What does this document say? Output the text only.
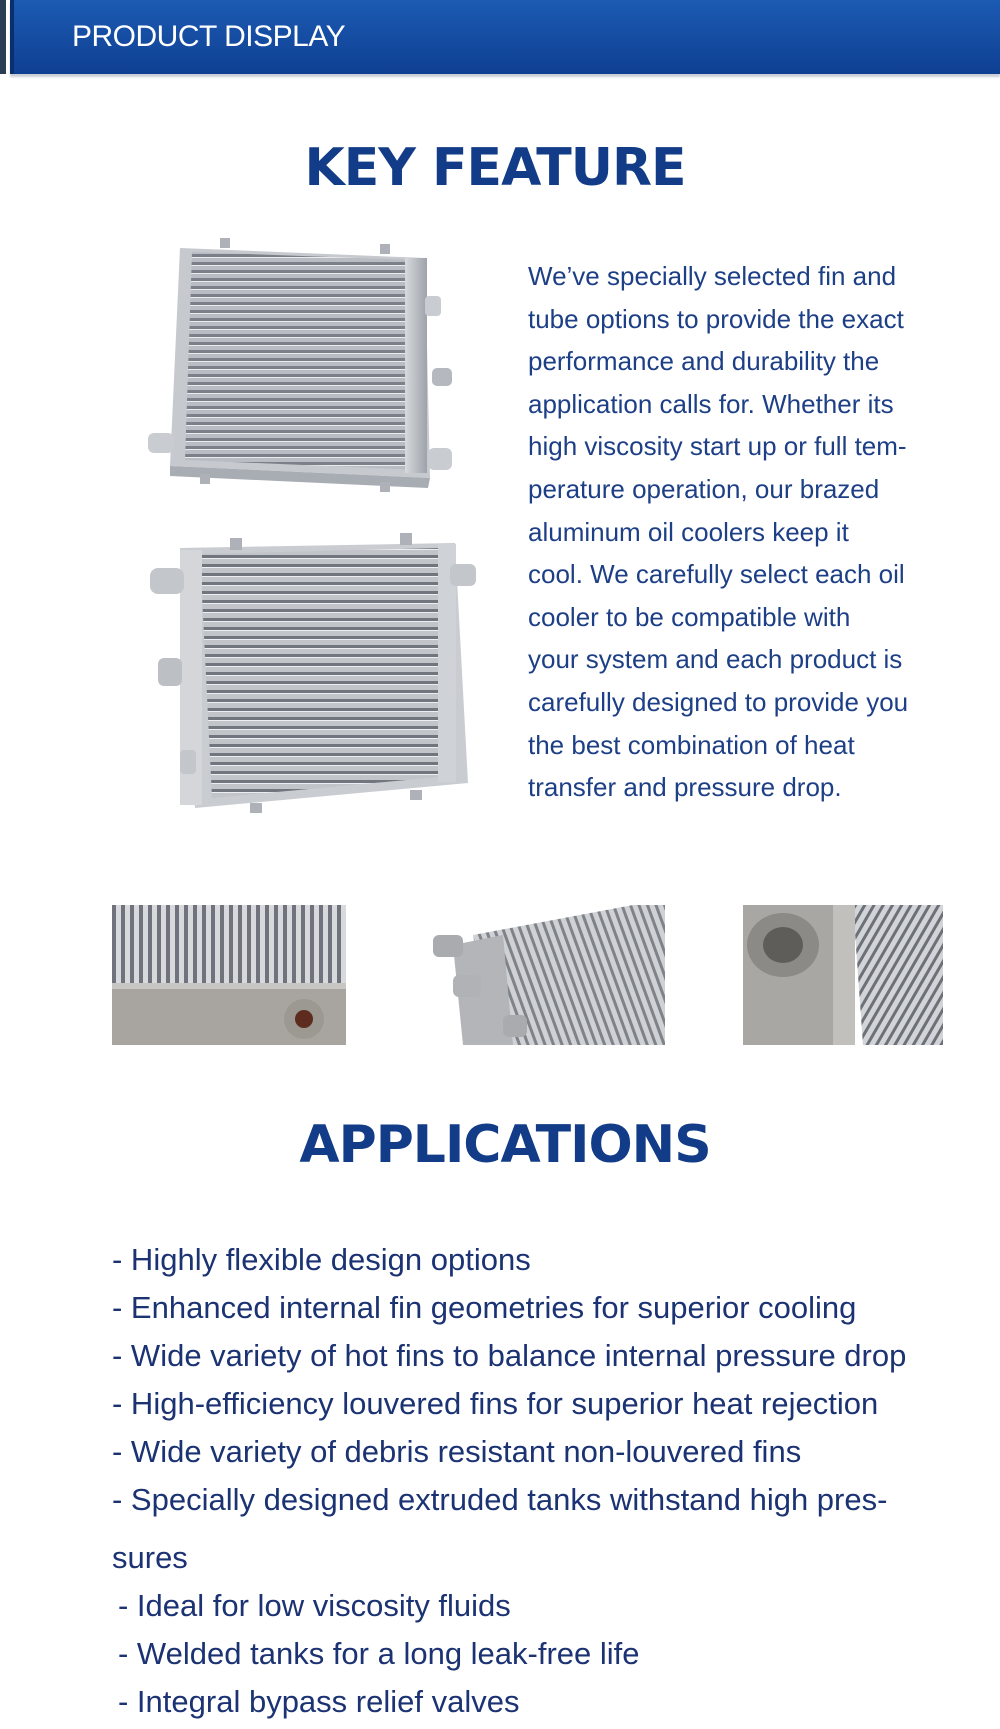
PRODUCT DISPLAY
KEY FEATURE

We’ve specially selected fin and
tube options to provide the exact
performance and durability the
application calls for. Whether its
high viscosity start up or full tem-
perature operation, our brazed
aluminum oil coolers keep it
cool. We carefully select each oil
cooler to be compatible with
your system and each product is
carefully designed to provide you
the best combination of heat
transfer and pressure drop.

APPLICATIONS
- Highly flexible design options
- Enhanced internal fin geometries for superior cooling
- Wide variety of hot fins to balance internal pressure drop
- High-efficiency louvered fins for superior heat rejection
- Wide variety of debris resistant non-louvered fins
- Specially designed extruded tanks withstand high pres-
sures
- Ideal for low viscosity fluids
- Welded tanks for a long leak-free life
- Integral bypass relief valves
